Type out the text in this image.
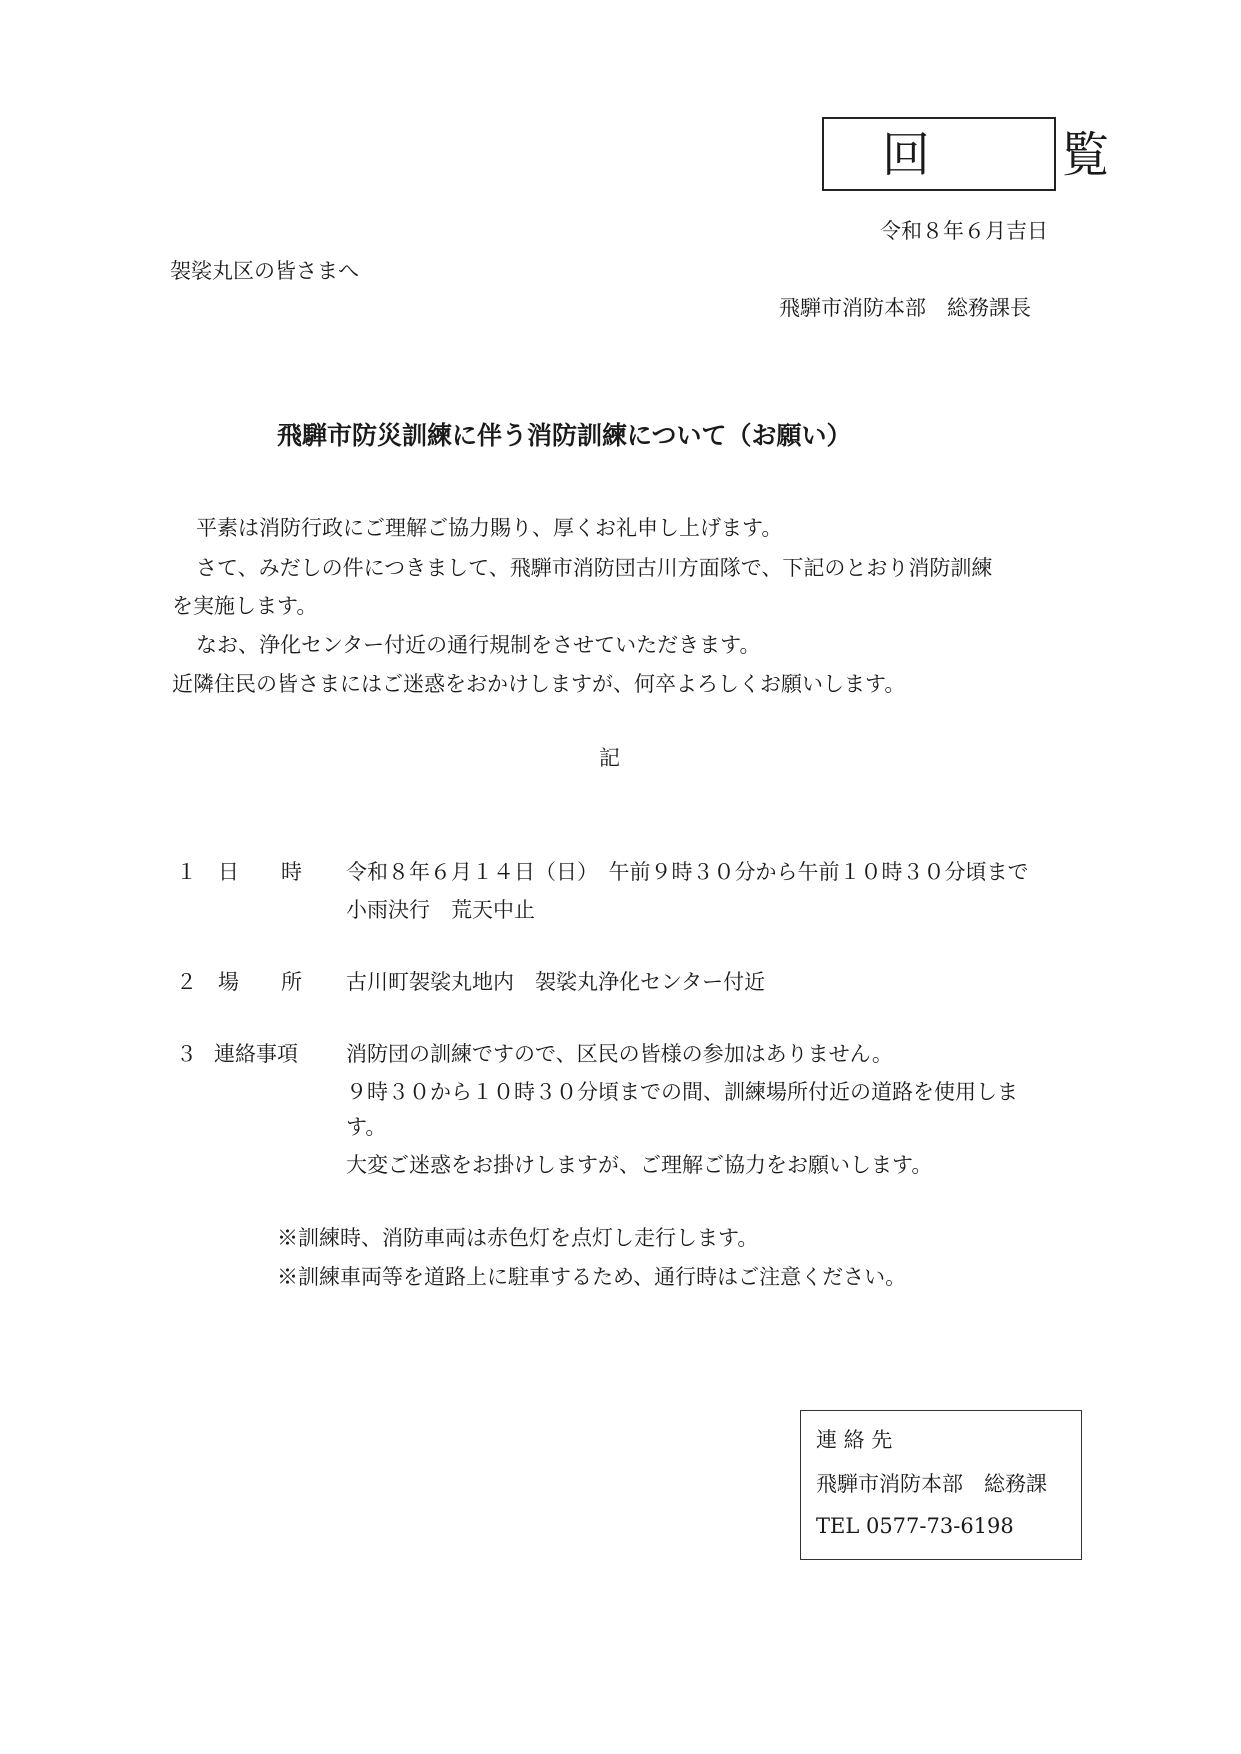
回 覧
令和８年６月吉日
袈裟丸区の皆さまへ
飛騨市消防本部　総務課長
飛騨市防災訓練に伴う消防訓練について（お願い）
平素は消防行政にご理解ご協力賜り、厚くお礼申し上げます。
さて、みだしの件につきまして、飛騨市消防団古川方面隊で、下記のとおり消防訓練
を実施します。
なお、浄化センター付近の通行規制をさせていただきます。
近隣住民の皆さまにはご迷惑をおかけしますが、何卒よろしくお願いします。
記
１ 日 時 令和８年６月１４日（日）　午前９時３０分から午前１０時３０分頃まで
小雨決行　荒天中止
２ 場 所 古川町袈裟丸地内　袈裟丸浄化センター付近
３ 連絡事項 消防団の訓練ですので、区民の皆様の参加はありません。
９時３０から１０時３０分頃までの間、訓練場所付近の道路を使用しま
す。
大変ご迷惑をお掛けしますが、ご理解ご協力をお願いします。
※訓練時、消防車両は赤色灯を点灯し走行します。
※訓練車両等を道路上に駐車するため、通行時はご注意ください。
連 絡 先
飛騨市消防本部　総務課
TEL 0577-73-6198
